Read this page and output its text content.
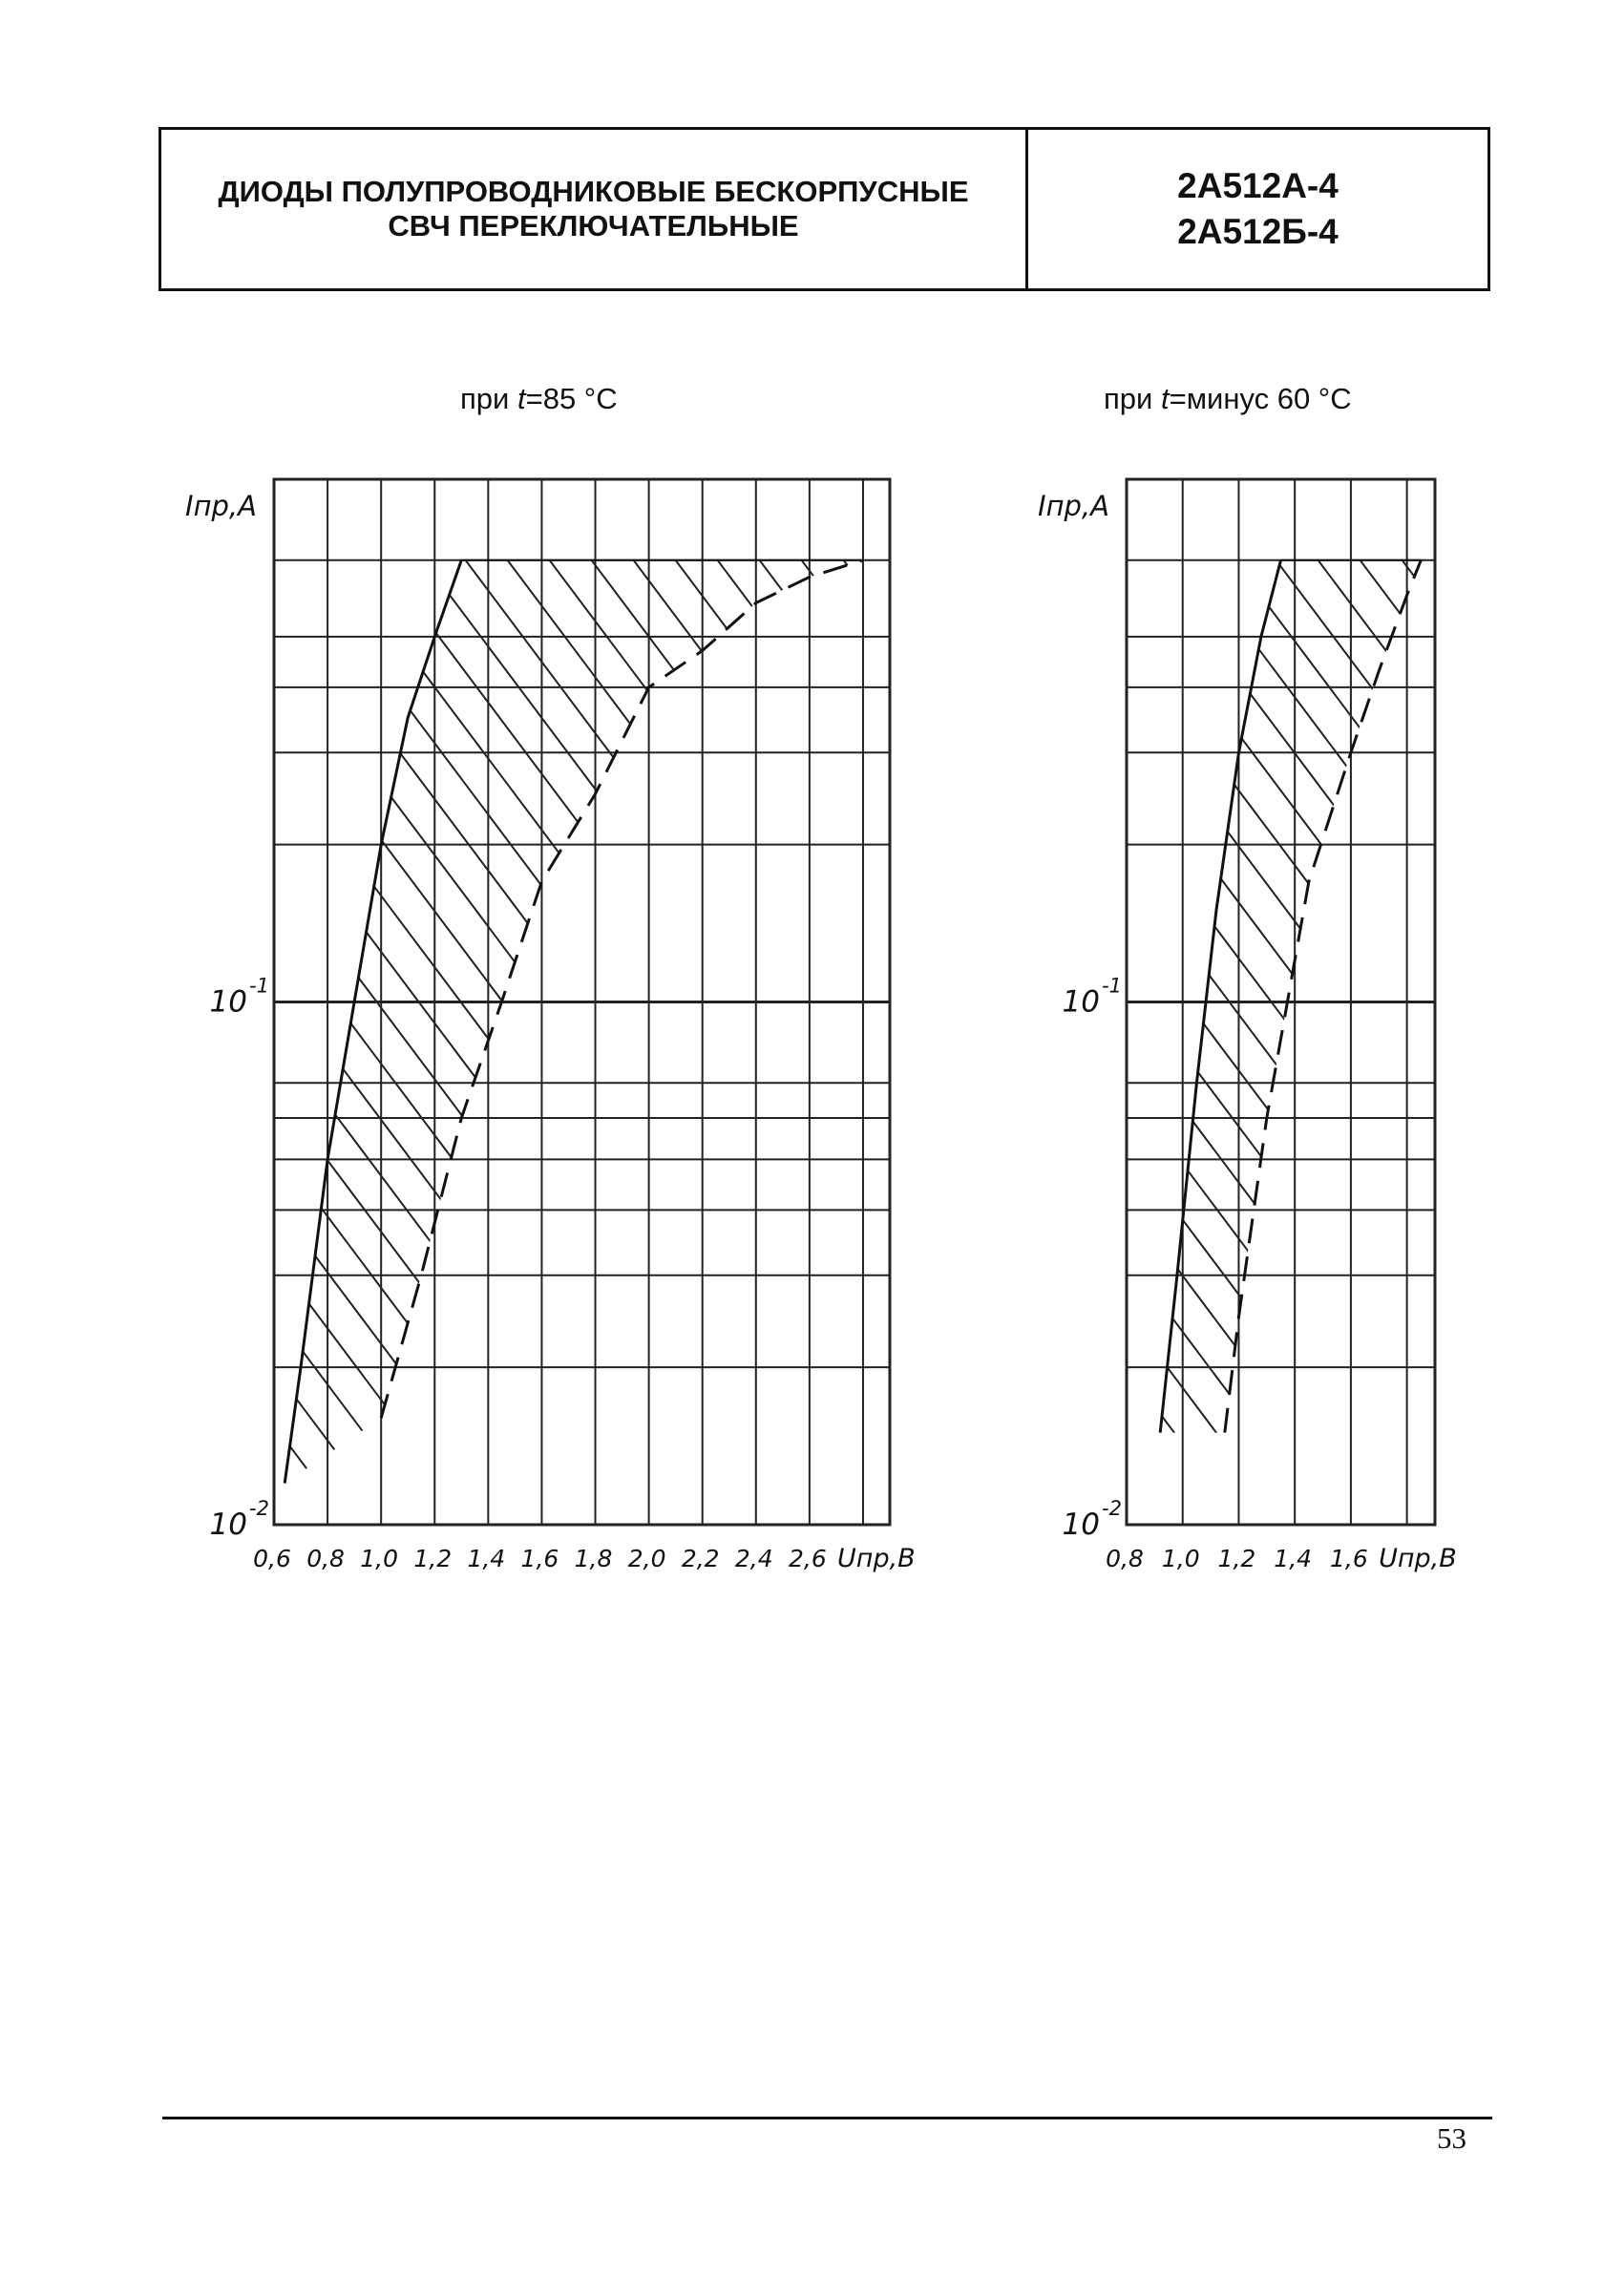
ДИОДЫ ПОЛУПРОВОДНИКОВЫЕ БЕСКОРПУСНЫЕ
СВЧ ПЕРЕКЛЮЧАТЕЛЬНЫЕ
2А512А-4
2А512Б-4
при t=85 °C	при t=минус 60 °C
0,6 0,8 1,0 1,2 1,4 1,6 1,8 2,0 2,2 2,4 2,6 Uпр,B
Iпр,A
10 -1
10 -2
0,8 1,0 1,2 1,4 1,6 Uпр,B
Iпр,A
10 -1
10 -2
53
